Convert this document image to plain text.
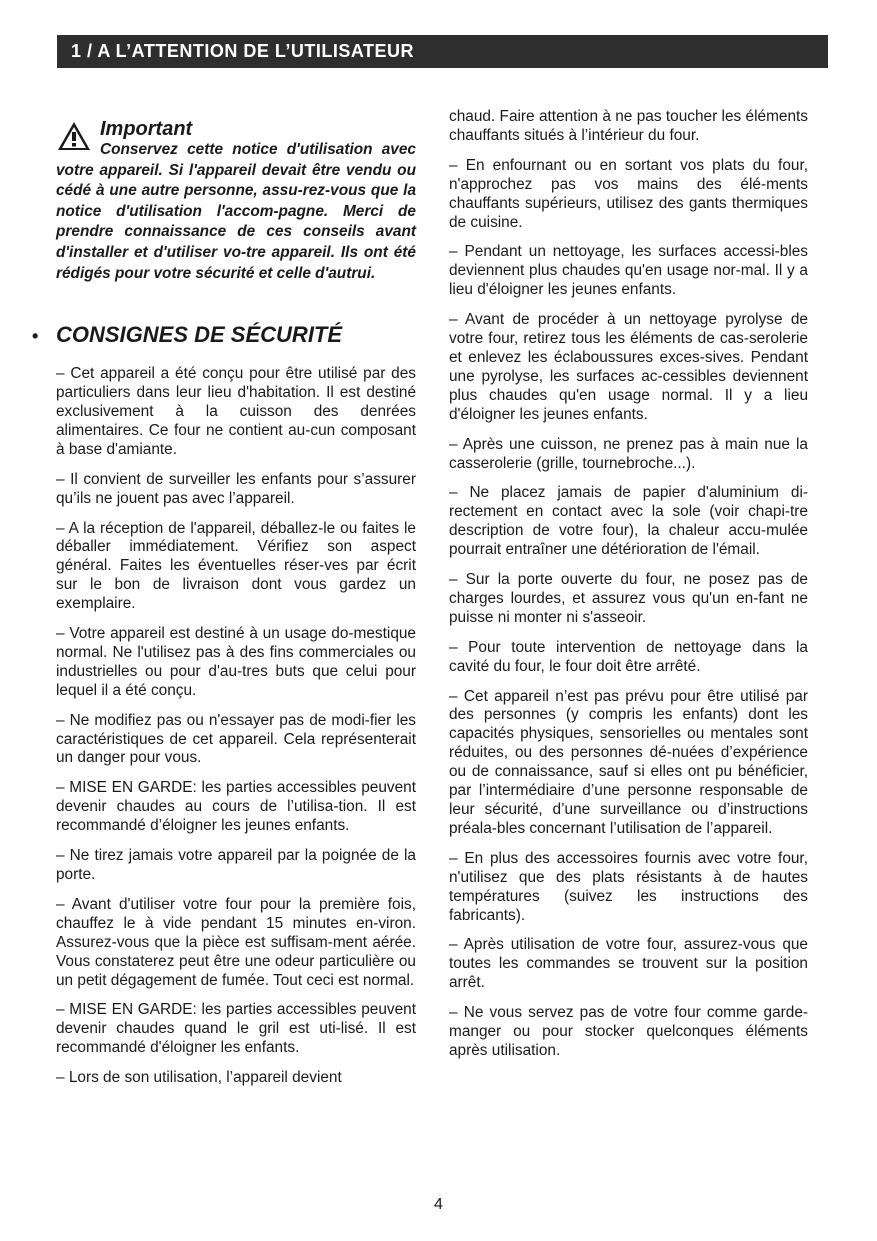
1 / A L’ATTENTION DE L’UTILISATEUR
Important

Conservez cette notice d'utilisation avec votre appareil. Si l'appareil devait être vendu ou cédé à une autre personne, assu-rez-vous que la notice d'utilisation l'accom-pagne. Merci de prendre connaissance de ces conseils avant d'installer et d'utiliser vo-tre appareil. Ils ont été rédigés pour votre sécurité et celle d'autrui.

• CONSIGNES DE SÉCURITÉ

– Cet appareil a été conçu pour être utilisé par des particuliers dans leur lieu d'habitation. Il est destiné exclusivement à la cuisson des denrées alimentaires. Ce four ne contient au-cun composant à base d'amiante.

– Il convient de surveiller les enfants pour s’assurer qu’ils ne jouent pas avec l’appareil.

– A la réception de l'appareil, déballez-le ou faites le déballer immédiatement. Vérifiez son aspect général. Faites les éventuelles réser-ves par écrit sur le bon de livraison dont vous gardez un exemplaire.

– Votre appareil est destiné à un usage do-mestique normal. Ne l'utilisez pas à des fins commerciales ou industrielles ou pour d'au-tres buts que celui pour lequel il a été conçu.

– Ne modifiez pas ou n'essayer pas de modi-fier les caractéristiques de cet appareil. Cela représenterait un danger pour vous.

– MISE EN GARDE: les parties accessibles peuvent devenir chaudes au cours de l’utilisa-tion. Il est recommandé d’éloigner les jeunes enfants.

– Ne tirez jamais votre appareil par la poignée de la porte.

– Avant d'utiliser votre four pour la première fois, chauffez le à vide pendant 15 minutes en-viron. Assurez-vous que la pièce est suffisam-ment aérée. Vous constaterez peut être une odeur particulière ou un petit dégagement de fumée. Tout ceci est normal.

– MISE EN GARDE: les parties accessibles peuvent devenir chaudes quand le gril est uti-lisé. Il est recommandé d'éloigner les enfants.

– Lors de son utilisation, l’appareil devient

chaud. Faire attention à ne pas toucher les éléments chauffants situés à l’intérieur du four.

– En enfournant ou en sortant vos plats du four, n'approchez pas vos mains des élé-ments chauffants supérieurs, utilisez des gants thermiques de cuisine.

– Pendant un nettoyage, les surfaces accessi-bles deviennent plus chaudes qu'en usage nor-mal. Il y a lieu d'éloigner les jeunes enfants.

– Avant de procéder à un nettoyage pyrolyse de votre four, retirez tous les éléments de cas-serolerie et enlevez les éclaboussures exces-sives. Pendant une pyrolyse, les surfaces ac-cessibles deviennent plus chaudes qu'en usage normal. Il y a lieu d'éloigner les jeunes enfants.

– Après une cuisson, ne prenez pas à main nue la casserolerie (grille, tournebroche...).

– Ne placez jamais de papier d'aluminium di-rectement en contact avec la sole (voir chapi-tre description de votre four), la chaleur accu-mulée pourrait entraîner une détérioration de l'émail.

– Sur la porte ouverte du four, ne posez pas de charges lourdes, et assurez vous qu'un en-fant ne puisse ni monter ni s'asseoir.

– Pour toute intervention de nettoyage dans la cavité du four, le four doit être arrêté.

– Cet appareil n’est pas prévu pour être utilisé par des personnes (y compris les enfants) dont les capacités physiques, sensorielles ou mentales sont réduites, ou des personnes dé-nuées d’expérience ou de connaissance, sauf si elles ont pu bénéficier, par l’intermédiaire d’une personne responsable de leur sécurité, d’une surveillance ou d’instructions préala-bles concernant l’utilisation de l’appareil.

– En plus des accessoires fournis avec votre four, n'utilisez que des plats résistants à de hautes températures (suivez les instructions des fabricants).

– Après utilisation de votre four, assurez-vous que toutes les commandes se trouvent sur la position arrêt.

– Ne vous servez pas de votre four comme garde-manger ou pour stocker quelconques éléments après utilisation.

4
